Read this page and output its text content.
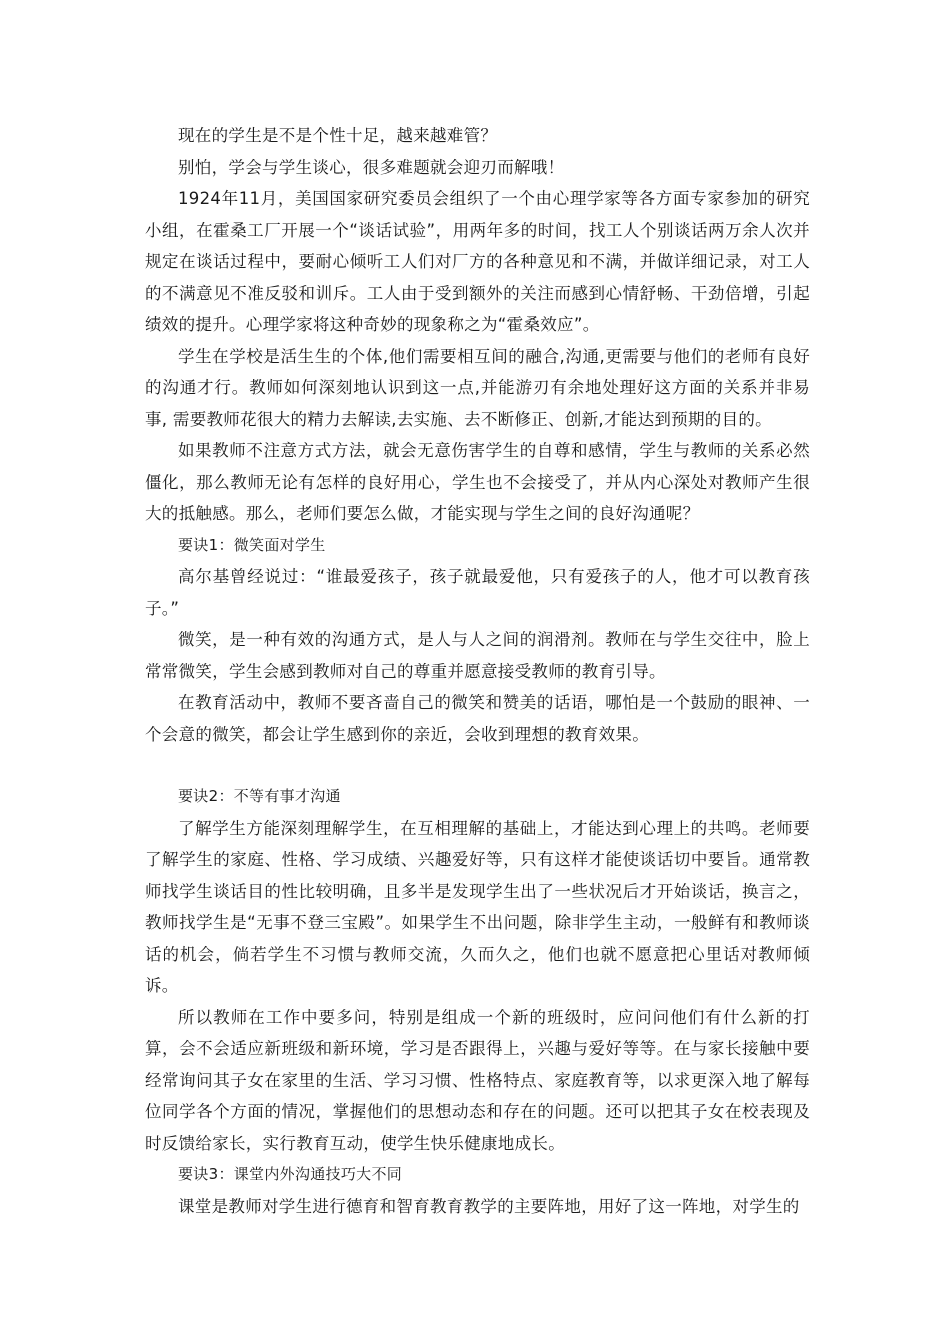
现在的学生是不是个性十足，越来越难管？

别怕，学会与学生谈心，很多难题就会迎刃而解哦！

1924年11月，美国国家研究委员会组织了一个由心理学家等各方面专家参加的研究小组，在霍桑工厂开展一个“谈话试验”，用两年多的时间，找工人个别谈话两万余人次并规定在谈话过程中，要耐心倾听工人们对厂方的各种意见和不满，并做详细记录，对工人的不满意见不准反驳和训斥。工人由于受到额外的关注而感到心情舒畅、干劲倍增，引起绩效的提升。心理学家将这种奇妙的现象称之为“霍桑效应”。

学生在学校是活生生的个体,他们需要相互间的融合,沟通,更需要与他们的老师有良好的沟通才行。教师如何深刻地认识到这一点,并能游刃有余地处理好这方面的关系并非易事, 需要教师花很大的精力去解读,去实施、去不断修正、创新,才能达到预期的目的。

如果教师不注意方式方法，就会无意伤害学生的自尊和感情，学生与教师的关系必然僵化，那么教师无论有怎样的良好用心，学生也不会接受了，并从内心深处对教师产生很大的抵触感。那么，老师们要怎么做，才能实现与学生之间的良好沟通呢？

要诀1：微笑面对学生

高尔基曾经说过：“谁最爱孩子，孩子就最爱他，只有爱孩子的人，他才可以教育孩子。”

微笑，是一种有效的沟通方式，是人与人之间的润滑剂。教师在与学生交往中，脸上常常微笑，学生会感到教师对自己的尊重并愿意接受教师的教育引导。

在教育活动中，教师不要吝啬自己的微笑和赞美的话语，哪怕是一个鼓励的眼神、一个会意的微笑，都会让学生感到你的亲近，会收到理想的教育效果。

要诀2：不等有事才沟通

了解学生方能深刻理解学生，在互相理解的基础上，才能达到心理上的共鸣。老师要了解学生的家庭、性格、学习成绩、兴趣爱好等，只有这样才能使谈话切中要旨。通常教师找学生谈话目的性比较明确，且多半是发现学生出了一些状况后才开始谈话，换言之，教师找学生是“无事不登三宝殿”。如果学生不出问题，除非学生主动，一般鲜有和教师谈话的机会，倘若学生不习惯与教师交流，久而久之，他们也就不愿意把心里话对教师倾诉。

所以教师在工作中要多问，特别是组成一个新的班级时，应问问他们有什么新的打算，会不会适应新班级和新环境，学习是否跟得上，兴趣与爱好等等。在与家长接触中要经常询问其子女在家里的生活、学习习惯、性格特点、家庭教育等，以求更深入地了解每位同学各个方面的情况，掌握他们的思想动态和存在的问题。还可以把其子女在校表现及时反馈给家长，实行教育互动，使学生快乐健康地成长。

要诀3：课堂内外沟通技巧大不同

课堂是教师对学生进行德育和智育教育教学的主要阵地，用好了这一阵地，对学生的
